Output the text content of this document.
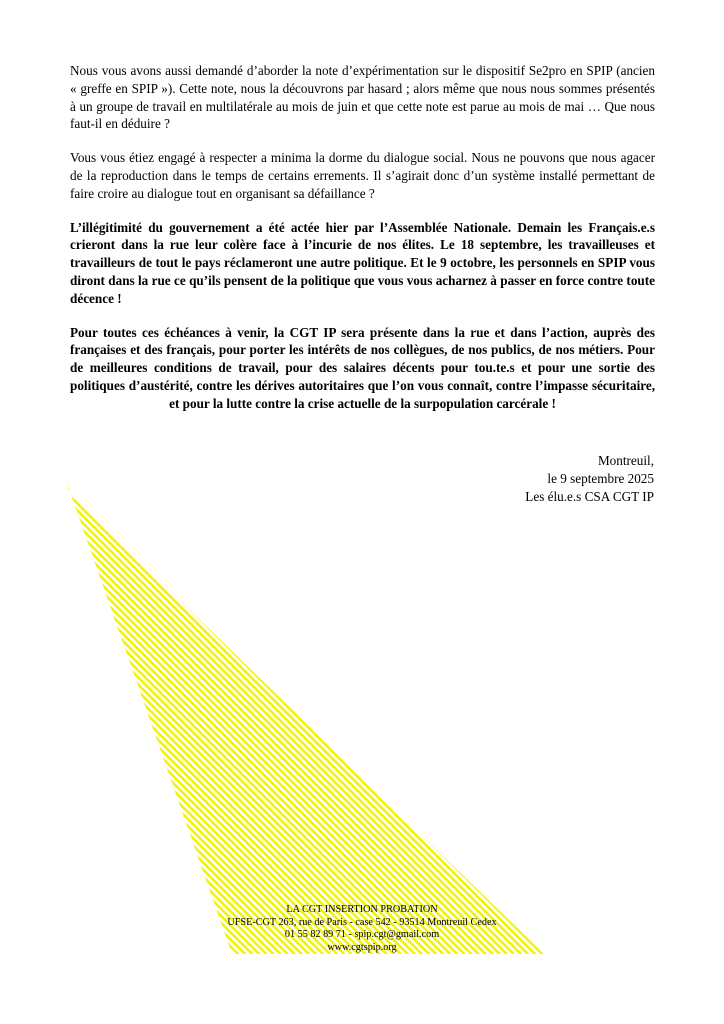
Nous vous avons aussi demandé d’aborder la note d’expérimentation sur le dispositif Se2pro en SPIP (ancien « greffe en SPIP »). Cette note, nous la découvrons par hasard ; alors même que nous nous sommes présentés à un groupe de travail en multilatérale au mois de juin et que cette note est parue au mois de mai … Que nous faut-il en déduire ?

Vous vous étiez engagé à respecter a minima la dorme du dialogue social. Nous ne pouvons que nous agacer de la reproduction dans le temps de certains errements. Il s’agirait donc d’un système installé permettant de faire croire au dialogue tout en organisant sa défaillance ?

L’illégitimité du gouvernement a été actée hier par l’Assemblée Nationale. Demain les Français.e.s crieront dans la rue leur colère face à l’incurie de nos élites. Le 18 septembre, les travailleuses et travailleurs de tout le pays réclameront une autre politique. Et le 9 octobre, les personnels en SPIP vous diront dans la rue ce qu’ils pensent de la politique que vous vous acharnez à passer en force contre toute décence !

Pour toutes ces échéances à venir, la CGT IP sera présente dans la rue et dans l’action, auprès des françaises et des français, pour porter les intérêts de nos collègues, de nos publics, de nos métiers. Pour de meilleures conditions de travail, pour des salaires décents pour tou.te.s et pour une sortie des politiques d’austérité, contre les dérives autoritaires que l’on vous connaît, contre l’impasse sécuritaire, et pour la lutte contre la crise actuelle de la surpopulation carcérale !

Montreuil,
le 9 septembre 2025
Les élu.e.s CSA CGT IP
LA CGT INSERTION PROBATION
UFSE-CGT 263, rue de Paris - case 542 - 93514 Montreuil Cedex
01 55 82 89 71 - spip.cgt@gmail.com
www.cgtspip.org
